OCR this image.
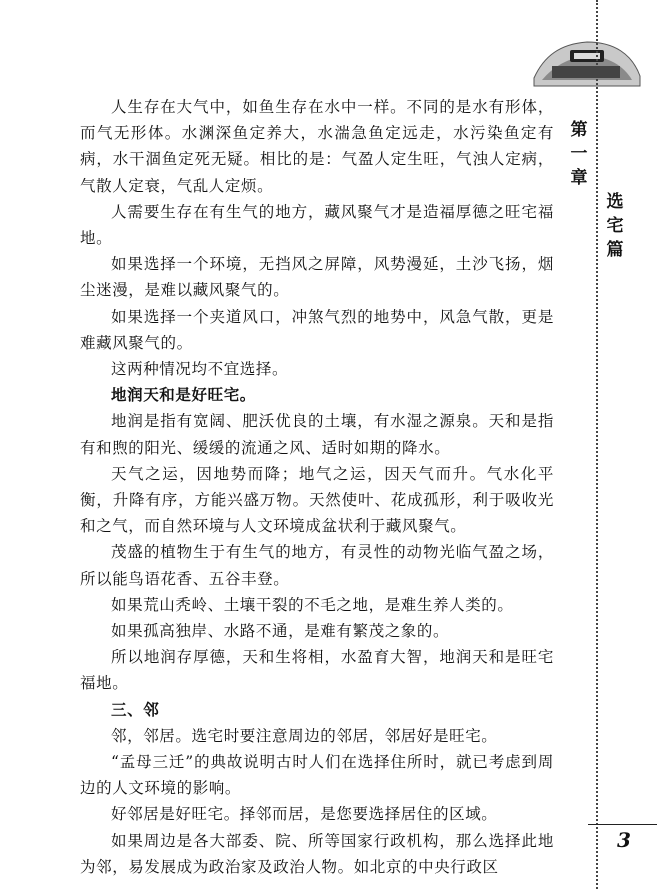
第一章
选宅篇

人生存在大气中，如鱼生存在水中一样。不同的是水有形体，而气无形体。水渊深鱼定养大，水湍急鱼定远走，水污染鱼定有病，水干涸鱼定死无疑。相比的是：气盈人定生旺，气浊人定病，气散人定衰，气乱人定烦。

人需要生存在有生气的地方，藏风聚气才是造福厚德之旺宅福地。

如果选择一个环境，无挡风之屏障，风势漫延，土沙飞扬，烟尘迷漫，是难以藏风聚气的。

如果选择一个夹道风口，冲煞气烈的地势中，风急气散，更是难藏风聚气的。

这两种情况均不宜选择。

地润天和是好旺宅。

地润是指有宽阔、肥沃优良的土壤，有水湿之源泉。天和是指有和煦的阳光、缓缓的流通之风、适时如期的降水。

天气之运，因地势而降；地气之运，因天气而升。气水化平衡，升降有序，方能兴盛万物。天然使叶、花成孤形，利于吸收光和之气，而自然环境与人文环境成盆状利于藏风聚气。

茂盛的植物生于有生气的地方，有灵性的动物光临气盈之场，所以能鸟语花香、五谷丰登。

如果荒山秃岭、土壤干裂的不毛之地，是难生养人类的。

如果孤高独岸、水路不通，是难有繁茂之象的。

所以地润存厚德，天和生将相，水盈育大智，地润天和是旺宅福地。

三、邻

邻，邻居。选宅时要注意周边的邻居，邻居好是旺宅。

“孟母三迁”的典故说明古时人们在选择住所时，就已考虑到周边的人文环境的影响。

好邻居是好旺宅。择邻而居，是您要选择居住的区域。

如果周边是各大部委、院、所等国家行政机构，那么选择此地为邻，易发展成为政治家及政治人物。如北京的中央行政区

3
